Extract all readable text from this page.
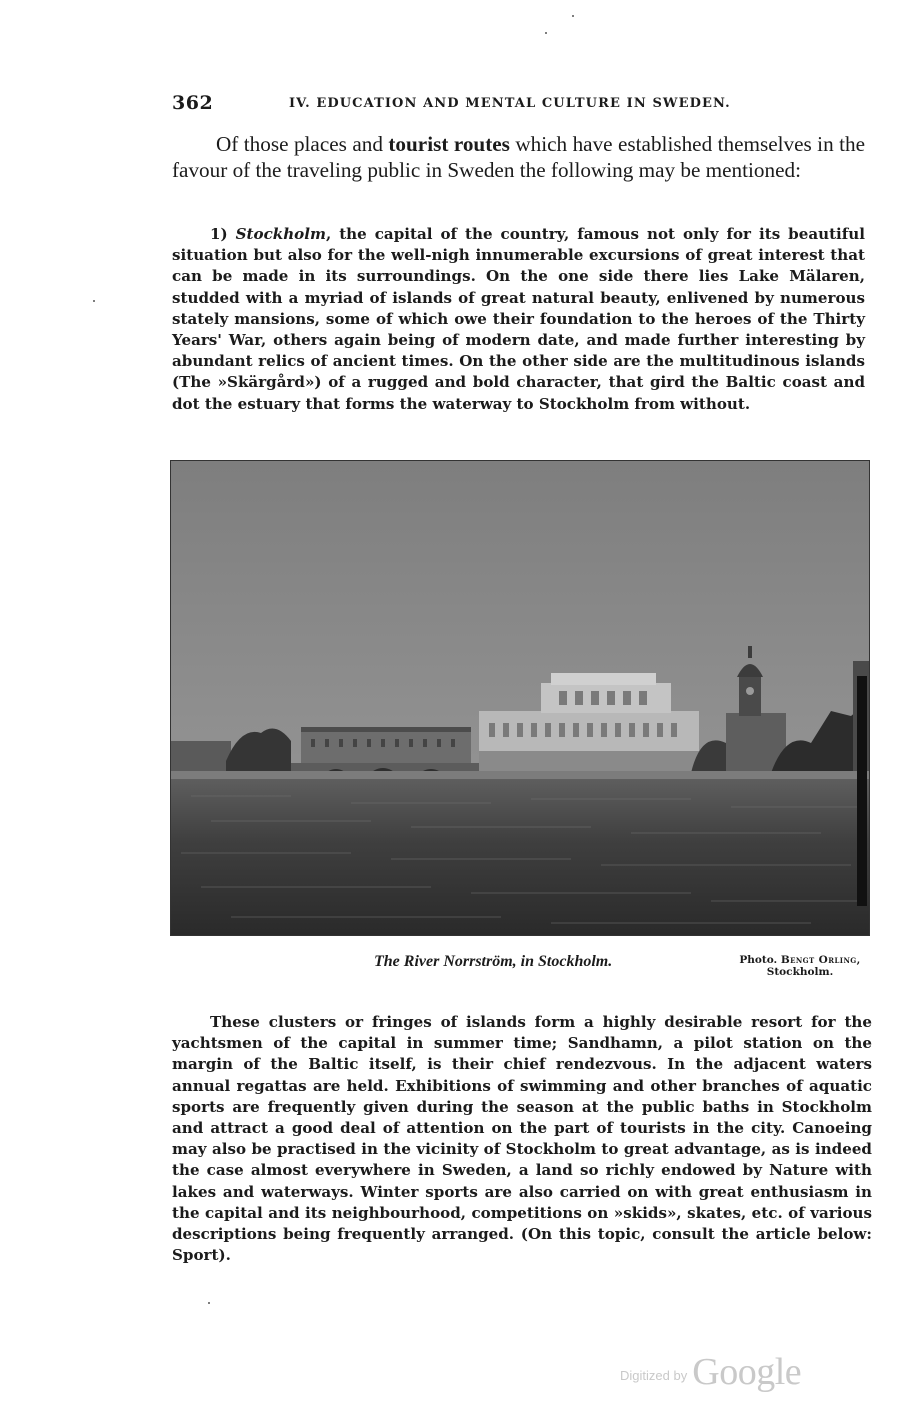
362	IV. EDUCATION AND MENTAL CULTURE IN SWEDEN.

Of those places and tourist routes which have established themselves in the favour of the traveling public in Sweden the following may be mentioned:

1) Stockholm, the capital of the country, famous not only for its beautiful situation but also for the well-nigh innumerable excursions of great interest that can be made in its surroundings. On the one side there lies Lake Mälaren, studded with a myriad of islands of great natural beauty, enlivened by numerous stately mansions, some of which owe their foundation to the heroes of the Thirty Years' War, others again being of modern date, and made further interesting by abundant relics of ancient times. On the other side are the multitudinous islands (The »Skärgård») of a rugged and bold character, that gird the Baltic coast and dot the estuary that forms the waterway to Stockholm from without.

The River Norrström, in Stockholm.	Photo. Bengt Orling,
Stockholm.

These clusters or fringes of islands form a highly desirable resort for the yachtsmen of the capital in summer time; Sandhamn, a pilot station on the margin of the Baltic itself, is their chief rendezvous. In the adjacent waters annual regattas are held. Exhibitions of swimming and other branches of aquatic sports are frequently given during the season at the public baths in Stockholm and attract a good deal of attention on the part of tourists in the city. Canoeing may also be practised in the vicinity of Stockholm to great advantage, as is indeed the case almost everywhere in Sweden, a land so richly endowed by Nature with lakes and waterways. Winter sports are also carried on with great enthusiasm in the capital and its neighbourhood, competitions on »skids», skates, etc. of various descriptions being frequently arranged. (On this topic, consult the article below: Sport).

$^{Digitized by}$ Google
